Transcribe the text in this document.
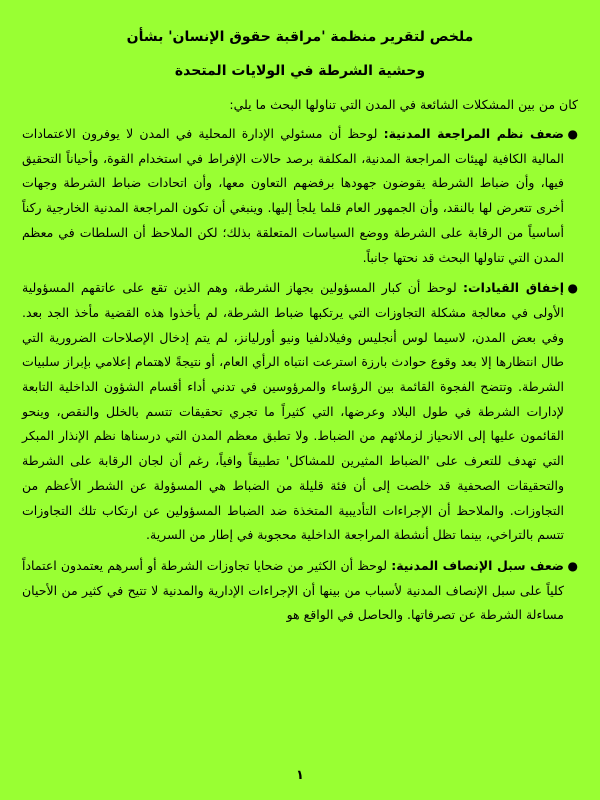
ملخص لتقرير منظمة 'مراقبة حقوق الإنسان' بشأن
وحشية الشرطة في الولايات المتحدة

كان من بين المشكلات الشائعة في المدن التي تناولها البحث ما يلي:

●
ضعف نظم المراجعة المدنية: لوحظ أن مسئولي الإدارة المحلية في المدن لا يوفرون الاعتمادات المالية الكافية لهيئات المراجعة المدنية، المكلفة برصد حالات الإفراط في استخدام القوة، وأحياناً التحقيق فيها، وأن ضباط الشرطة يقوضون جهودها برفضهم التعاون معها، وأن اتحادات ضباط الشرطة وجهات أخرى تتعرض لها بالنقد، وأن الجمهور العام قلما يلجأ إليها. وينبغي أن تكون المراجعة المدنية الخارجية ركناً أساسياً من الرقابة على الشرطة ووضع السياسات المتعلقة بذلك؛ لكن الملاحظ أن السلطات في معظم المدن التي تناولها البحث قد نحتها جانباً.
●
إخفاق القيادات: لوحظ أن كبار المسؤولين بجهاز الشرطة، وهم الذين تقع على عاتقهم المسؤولية الأولى في معالجة مشكلة التجاوزات التي يرتكبها ضباط الشرطة، لم يأخذوا هذه القضية مأخذ الجد بعد. وفي بعض المدن، لاسيما لوس أنجليس وفيلادلفيا ونيو أورليانز، لم يتم إدخال الإصلاحات الضرورية التي طال انتظارها إلا بعد وقوع حوادث بارزة استرعت انتباه الرأي العام، أو نتيجةً لاهتمام إعلامي بإبراز سلبيات الشرطة. وتتضح الفجوة القائمة بين الرؤساء والمرؤوسين في تدني أداء أقسام الشؤون الداخلية التابعة لإدارات الشرطة في طول البلاد وعرضها، التي كثيراً ما تجري تحقيقات تتسم بالخلل والنقص، وينحو القائمون عليها إلى الانحياز لزملائهم من الضباط. ولا تطبق معظم المدن التي درسناها نظم الإنذار المبكر التي تهدف للتعرف على 'الضباط المثيرين للمشاكل' تطبيقاً وافياً، رغم أن لجان الرقابة على الشرطة والتحقيقات الصحفية قد خلصت إلى أن فئة قليلة من الضباط هي المسؤولة عن الشطر الأعظم من التجاوزات. والملاحظ أن الإجراءات التأديبية المتخذة ضد الضباط المسؤولين عن ارتكاب تلك التجاوزات تتسم بالتراخي، بينما تظل أنشطة المراجعة الداخلية محجوبة في إطار من السرية.
●
ضعف سبل الإنصاف المدنية: لوحظ أن الكثير من ضحايا تجاوزات الشرطة أو أسرهم يعتمدون اعتماداً كلياً على سبل الإنصاف المدنية لأسباب من بينها أن الإجراءات الإدارية والمدنية لا تتيح في كثير من الأحيان مساءلة الشرطة عن تصرفاتها. والحاصل في الواقع هو
١
